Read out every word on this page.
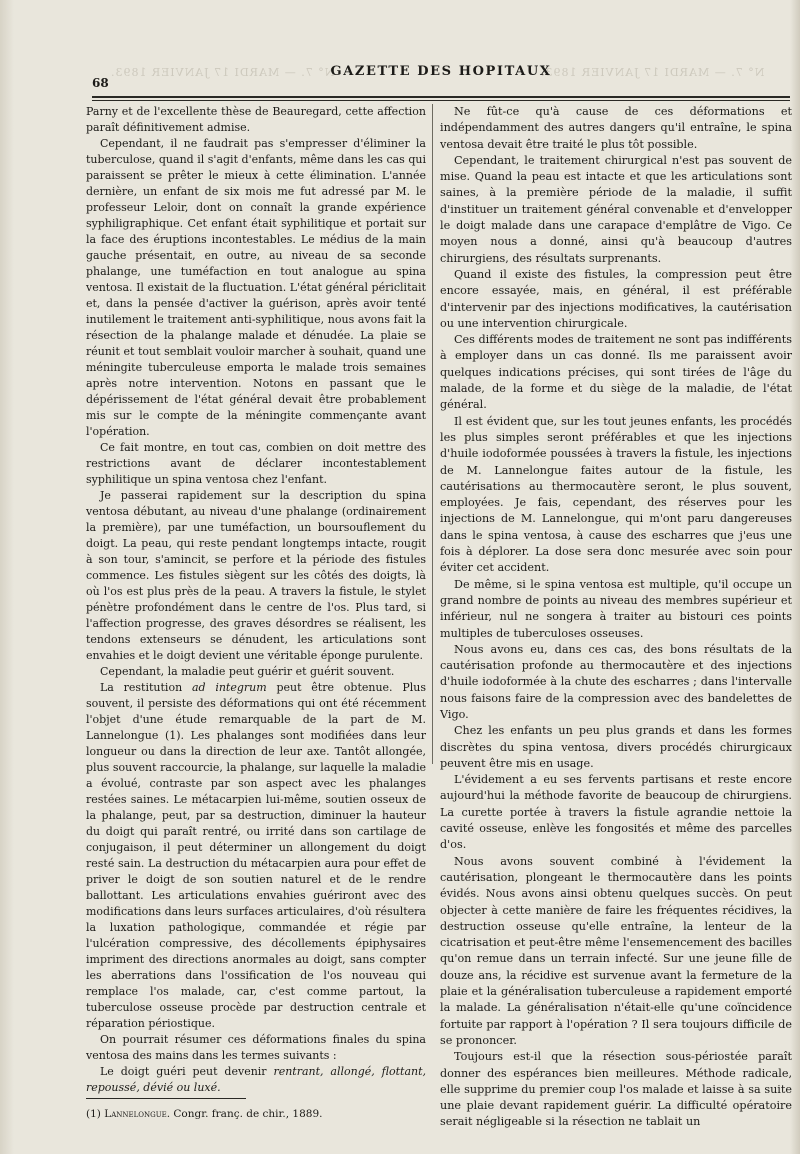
N° 7. — MARDI 17 JANVIER 1893.	N° 7. — MARDI 17 JANVIER 1893.
68
GAZETTE DES HOPITAUX

Parny et de l'excellente thèse de Beauregard, cette affection paraît définitivement admise.

Cependant, il ne faudrait pas s'empresser d'éliminer la tuberculose, quand il s'agit d'enfants, même dans les cas qui paraissent se prêter le mieux à cette élimination. L'année dernière, un enfant de six mois me fut adressé par M. le professeur Leloir, dont on connaît la grande expérience syphiligraphique. Cet enfant était syphilitique et portait sur la face des éruptions incontestables. Le médius de la main gauche présentait, en outre, au niveau de sa seconde phalange, une tuméfaction en tout analogue au spina ventosa. Il existait de la fluctuation. L'état général périclitait et, dans la pensée d'activer la guérison, après avoir tenté inutilement le traitement anti-syphilitique, nous avons fait la résection de la phalange malade et dénudée. La plaie se réunit et tout semblait vouloir marcher à souhait, quand une méningite tuberculeuse emporta le malade trois semaines après notre intervention. Notons en passant que le dépérissement de l'état général devait être probablement mis sur le compte de la méningite commençante avant l'opération.

Ce fait montre, en tout cas, combien on doit mettre des restrictions avant de déclarer incontestablement syphilitique un spina ventosa chez l'enfant.

Je passerai rapidement sur la description du spina ventosa débutant, au niveau d'une phalange (ordinairement la première), par une tuméfaction, un boursouflement du doigt. La peau, qui reste pendant longtemps intacte, rougit à son tour, s'amincit, se perfore et la période des fistules commence. Les fistules siègent sur les côtés des doigts, là où l'os est plus près de la peau. A travers la fistule, le stylet pénètre profondément dans le centre de l'os. Plus tard, si l'affection progresse, des graves désordres se réalisent, les tendons extenseurs se dénudent, les articulations sont envahies et le doigt devient une véritable éponge purulente.

Cependant, la maladie peut guérir et guérit souvent.

La restitution ad integrum peut être obtenue. Plus souvent, il persiste des déformations qui ont été récemment l'objet d'une étude remarquable de la part de M. Lannelongue (1). Les phalanges sont modifiées dans leur longueur ou dans la direction de leur axe. Tantôt allongée, plus souvent raccourcie, la phalange, sur laquelle la maladie a évolué, contraste par son aspect avec les phalanges restées saines. Le métacarpien lui-même, soutien osseux de la phalange, peut, par sa destruction, diminuer la hauteur du doigt qui paraît rentré, ou irrité dans son cartilage de conjugaison, il peut déterminer un allongement du doigt resté sain. La destruction du métacarpien aura pour effet de priver le doigt de son soutien naturel et de le rendre ballottant. Les articulations envahies guériront avec des modifications dans leurs surfaces articulaires, d'où résultera la luxation pathologique, commandée et régie par l'ulcération compressive, des décollements épiphysaires impriment des directions anormales au doigt, sans compter les aberrations dans l'ossification de l'os nouveau qui remplace l'os malade, car, c'est comme partout, la tuberculose osseuse procède par destruction centrale et réparation périostique.

On pourrait résumer ces déformations finales du spina ventosa des mains dans les termes suivants :

Le doigt guéri peut devenir rentrant, allongé, flottant, repoussé, dévié ou luxé.

(1) Lannelongue. Congr. franç. de chir., 1889.

Ne fût-ce qu'à cause de ces déformations et indépendamment des autres dangers qu'il entraîne, le spina ventosa devait être traité le plus tôt possible.

Cependant, le traitement chirurgical n'est pas souvent de mise. Quand la peau est intacte et que les articulations sont saines, à la première période de la maladie, il suffit d'instituer un traitement général convenable et d'envelopper le doigt malade dans une carapace d'emplâtre de Vigo. Ce moyen nous a donné, ainsi qu'à beaucoup d'autres chirurgiens, des résultats surprenants.

Quand il existe des fistules, la compression peut être encore essayée, mais, en général, il est préférable d'intervenir par des injections modificatives, la cautérisation ou une intervention chirurgicale.

Ces différents modes de traitement ne sont pas indifférents à employer dans un cas donné. Ils me paraissent avoir quelques indications précises, qui sont tirées de l'âge du malade, de la forme et du siège de la maladie, de l'état général.

Il est évident que, sur les tout jeunes enfants, les procédés les plus simples seront préférables et que les injections d'huile iodoformée poussées à travers la fistule, les injections de M. Lannelongue faites autour de la fistule, les cautérisations au thermocautère seront, le plus souvent, employées. Je fais, cependant, des réserves pour les injections de M. Lannelongue, qui m'ont paru dangereuses dans le spina ventosa, à cause des escharres que j'eus une fois à déplorer. La dose sera donc mesurée avec soin pour éviter cet accident.

De même, si le spina ventosa est multiple, qu'il occupe un grand nombre de points au niveau des membres supérieur et inférieur, nul ne songera à traiter au bistouri ces points multiples de tuberculoses osseuses.

Nous avons eu, dans ces cas, des bons résultats de la cautérisation profonde au thermocautère et des injections d'huile iodoformée à la chute des escharres ; dans l'intervalle nous faisons faire de la compression avec des bandelettes de Vigo.

Chez les enfants un peu plus grands et dans les formes discrètes du spina ventosa, divers procédés chirurgicaux peuvent être mis en usage.

L'évidement a eu ses fervents partisans et reste encore aujourd'hui la méthode favorite de beaucoup de chirurgiens. La curette portée à travers la fistule agrandie nettoie la cavité osseuse, enlève les fongosités et même des parcelles d'os.

Nous avons souvent combiné à l'évidement la cautérisation, plongeant le thermocautère dans les points évidés. Nous avons ainsi obtenu quelques succès. On peut objecter à cette manière de faire les fréquentes récidives, la destruction osseuse qu'elle entraîne, la lenteur de la cicatrisation et peut-être même l'ensemencement des bacilles qu'on remue dans un terrain infecté. Sur une jeune fille de douze ans, la récidive est survenue avant la fermeture de la plaie et la généralisation tuberculeuse a rapidement emporté la malade. La généralisation n'était-elle qu'une coïncidence fortuite par rapport à l'opération ? Il sera toujours difficile de se prononcer.

Toujours est-il que la résection sous-périostée paraît donner des espérances bien meilleures. Méthode radicale, elle supprime du premier coup l'os malade et laisse à sa suite une plaie devant rapidement guérir. La difficulté opératoire serait négligeable si la résection ne tablait un
